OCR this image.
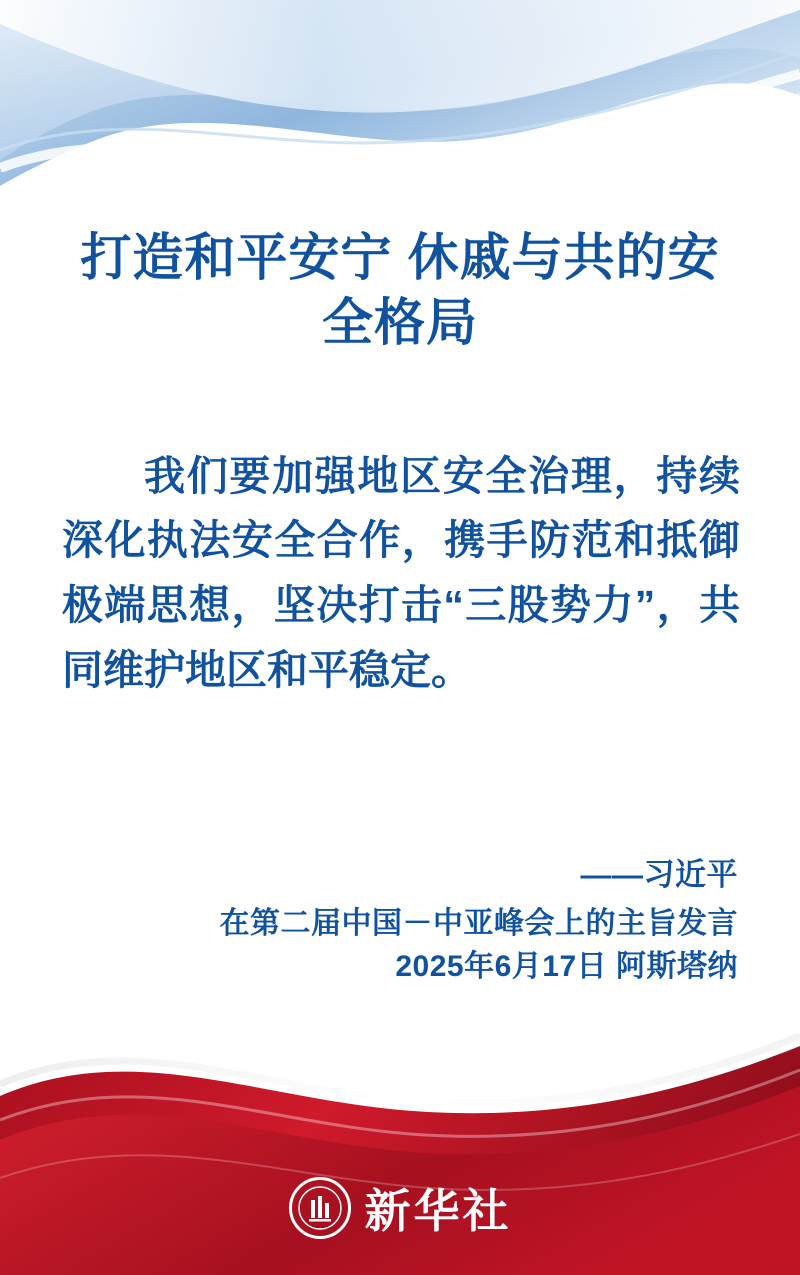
打造和平安宁 休戚与共的安全格局

我们要加强地区安全治理，持续深化执法安全合作，携手防范和抵御极端思想，坚决打击“三股势力”，共同维护地区和平稳定。

——习近平
在第二届中国－中亚峰会上的主旨发言
2025年6月17日 阿斯塔纳
新华社
